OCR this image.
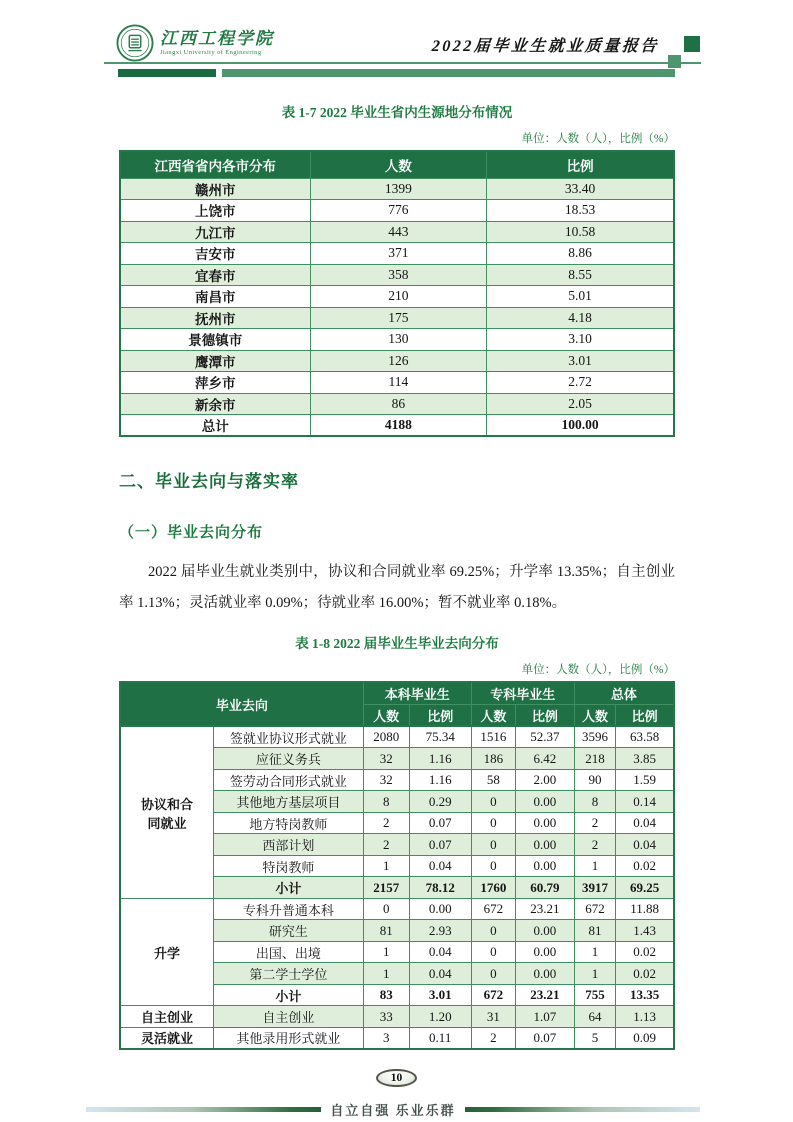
江西工程学院
Jiangxi University of Engineering	2022届毕业生就业质量报告
表 1-7 2022 毕业生省内生源地分布情况
单位：人数（人），比例（%）
江西省省内各市分布	人数	比例
赣州市	1399	33.40
上饶市	776	18.53
九江市	443	10.58
吉安市	371	8.86
宜春市	358	8.55
南昌市	210	5.01
抚州市	175	4.18
景德镇市	130	3.10
鹰潭市	126	3.01
萍乡市	114	2.72
新余市	86	2.05
总计	4188	100.00
二、毕业去向与落实率
（一）毕业去向分布

2022 届毕业生就业类别中，协议和合同就业率 69.25%；升学率 13.35%；自主创业率 1.13%；灵活就业率 0.09%；待就业率 16.00%；暂不就业率 0.18%。

表 1-8 2022 届毕业生毕业去向分布
单位：人数（人），比例（%）
毕业去向		本科毕业生		专科毕业生		总体	
		人数	比例	人数	比例	人数	比例
协议和合同就业	签就业协议形式就业	2080	75.34	1516	52.37	3596	63.58
	应征义务兵	32	1.16	186	6.42	218	3.85
	签劳动合同形式就业	32	1.16	58	2.00	90	1.59
	其他地方基层项目	8	0.29	0	0.00	8	0.14
	地方特岗教师	2	0.07	0	0.00	2	0.04
	西部计划	2	0.07	0	0.00	2	0.04
	特岗教师	1	0.04	0	0.00	1	0.02
	小计	2157	78.12	1760	60.79	3917	69.25
升学	专科升普通本科	0	0.00	672	23.21	672	11.88
	研究生	81	2.93	0	0.00	81	1.43
	出国、出境	1	0.04	0	0.00	1	0.02
	第二学士学位	1	0.04	0	0.00	1	0.02
	小计	83	3.01	672	23.21	755	13.35
自主创业	自主创业	33	1.20	31	1.07	64	1.13
灵活就业	其他录用形式就业	3	0.11	2	0.07	5	0.09
10
自立自强 乐业乐群
